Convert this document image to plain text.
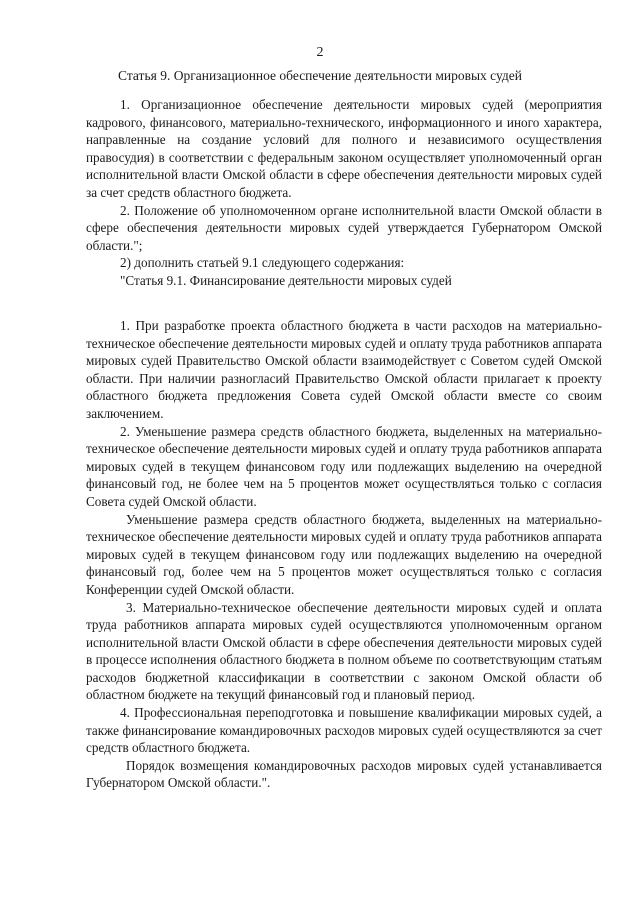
2
Статья 9. Организационное обеспечение деятельности мировых судей

1. Организационное обеспечение деятельности мировых судей (мероприятия кадрового, финансового, материально-технического, информационного и иного характера, направленные на создание условий для полного и независимого осуществления правосудия) в соответствии с федеральным законом осуществляет уполномоченный орган исполнительной власти Омской области в сфере обеспечения деятельности мировых судей за счет средств областного бюджета.

2. Положение об уполномоченном органе исполнительной власти Омской области в сфере обеспечения деятельности мировых судей утверждается Губернатором Омской области.";

2) дополнить статьей 9.1 следующего содержания:

"Статья 9.1. Финансирование деятельности мировых судей

1. При разработке проекта областного бюджета в части расходов на материально-техническое обеспечение деятельности мировых судей и оплату труда работников аппарата мировых судей Правительство Омской области взаимодействует с Советом судей Омской области. При наличии разногласий Правительство Омской области прилагает к проекту областного бюджета предложения Совета судей Омской области вместе со своим заключением.

2. Уменьшение размера средств областного бюджета, выделенных на материально-техническое обеспечение деятельности мировых судей и оплату труда работников аппарата мировых судей в текущем финансовом году или подлежащих выделению на очередной финансовый год, не более чем на 5 процентов может осуществляться только с согласия Совета судей Омской области.

Уменьшение размера средств областного бюджета, выделенных на материально-техническое обеспечение деятельности мировых судей и оплату труда работников аппарата мировых судей в текущем финансовом году или подлежащих выделению на очередной финансовый год, более чем на 5 процентов может осуществляться только с согласия Конференции судей Омской области.

3. Материально-техническое обеспечение деятельности мировых судей и оплата труда работников аппарата мировых судей осуществляются уполномоченным органом исполнительной власти Омской области в сфере обеспечения деятельности мировых судей в процессе исполнения областного бюджета в полном объеме по соответствующим статьям расходов бюджетной классификации в соответствии с законом Омской области об областном бюджете на текущий финансовый год и плановый период.

4. Профессиональная переподготовка и повышение квалификации мировых судей, а также финансирование командировочных расходов мировых судей осуществляются за счет средств областного бюджета.

Порядок возмещения командировочных расходов мировых судей устанавливается Губернатором Омской области.".
